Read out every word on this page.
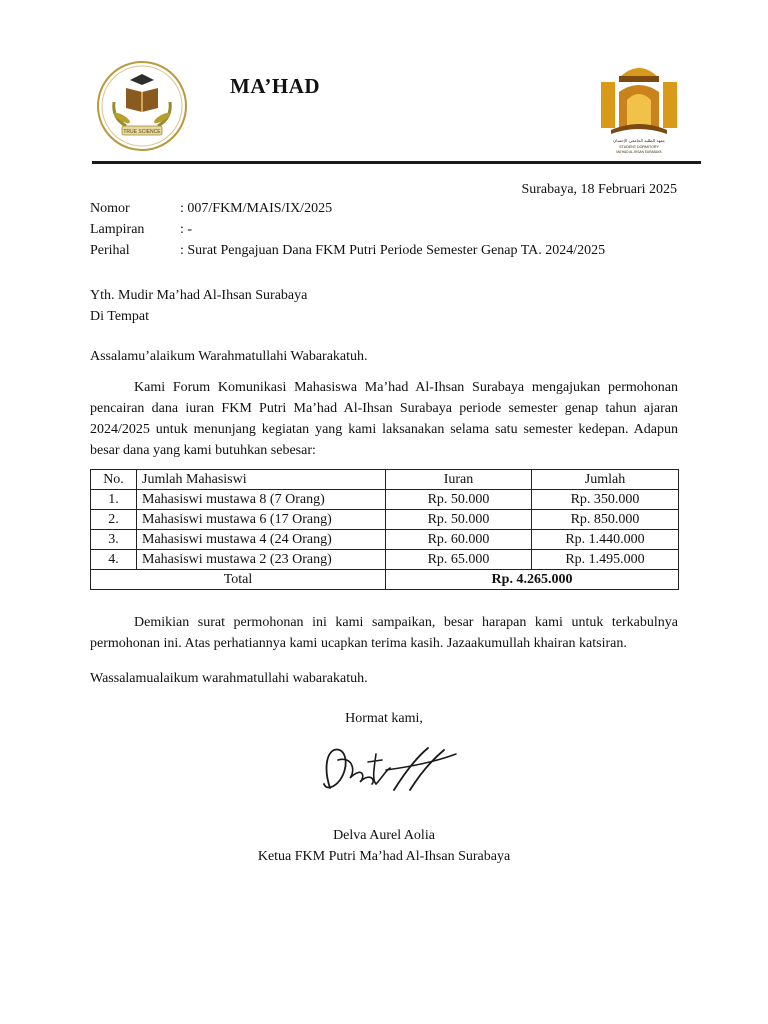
TRUE SCIENCE
MA’HAD
معهد الطلبة الجامعي الإحسان
STUDENT DORMITORY
MA'HAD AL-IHSAN SURABAYA
Surabaya, 18 Februari 2025
Nomor	: 007/FKM/MAIS/IX/2025
Lampiran	: -
Perihal	: Surat Pengajuan Dana FKM Putri Periode Semester Genap TA. 2024/2025
Yth. Mudir Ma’had Al-Ihsan Surabaya
Di Tempat
Assalamu’alaikum Warahmatullahi Wabarakatuh.
Kami Forum Komunikasi Mahasiswa Ma’had Al-Ihsan Surabaya mengajukan permohonan pencairan dana iuran FKM Putri Ma’had Al-Ihsan Surabaya periode semester genap tahun ajaran 2024/2025 untuk menunjang kegiatan yang kami laksanakan selama satu semester kedepan. Adapun besar dana yang kami butuhkan sebesar:
No.	Jumlah Mahasiswi	Iuran	Jumlah
1.	Mahasiswi mustawa 8 (7 Orang)	Rp. 50.000	Rp. 350.000
2.	Mahasiswi mustawa 6 (17 Orang)	Rp. 50.000	Rp. 850.000
3.	Mahasiswi mustawa 4 (24 Orang)	Rp. 60.000	Rp. 1.440.000
4.	Mahasiswi mustawa 2 (23 Orang)	Rp. 65.000	Rp. 1.495.000
Total		Rp. 4.265.000	
Demikian surat permohonan ini kami sampaikan, besar harapan kami untuk terkabulnya permohonan ini. Atas perhatiannya kami ucapkan terima kasih. Jazaakumullah khairan katsiran.
Wassalamualaikum warahmatullahi wabarakatuh.
Hormat kami,
Delva Aurel Aolia
Ketua FKM Putri Ma’had Al-Ihsan Surabaya
